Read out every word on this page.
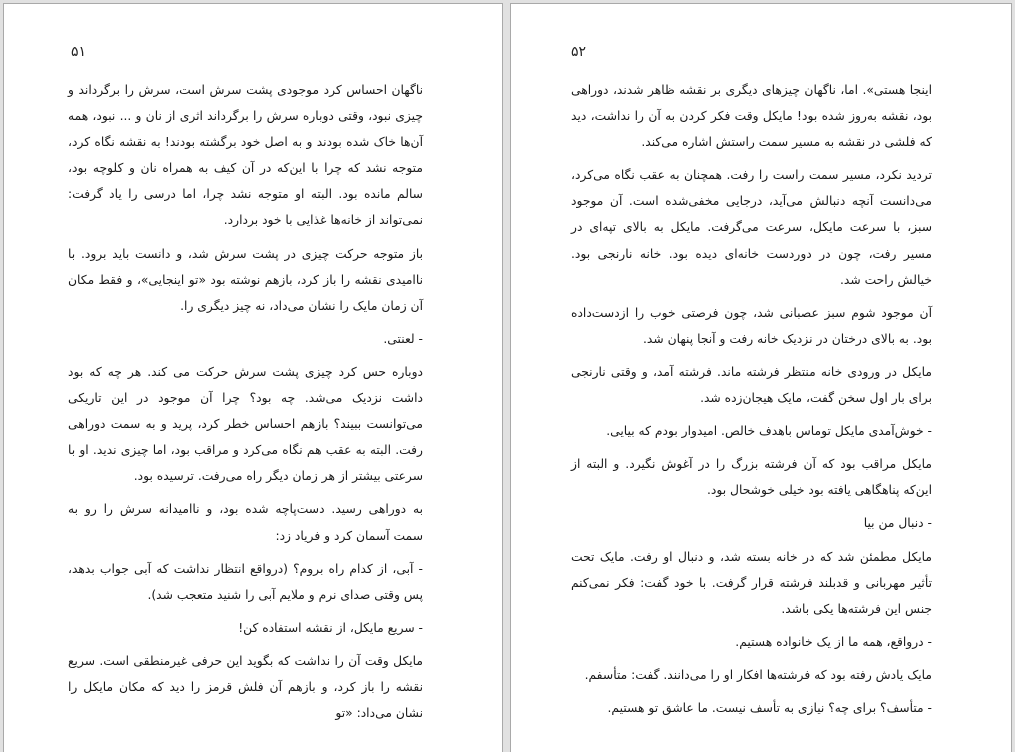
۵۱

ناگهان احساس کرد موجودی پشت سرش است، سرش را برگرداند و چیزی نبود، وقتی دوباره سرش را برگرداند اثری از نان و ... نبود، همه آن‌ها خاک شده بودند و به اصل خود برگشته بودند! به نقشه نگاه کرد، متوجه نشد که چرا با این‌که در آن کیف به همراه نان و کلوچه بود، سالم مانده بود. البته او متوجه نشد چرا، اما درسی را یاد گرفت: نمی‌تواند از خانه‌ها غذایی با خود بردارد.

باز متوجه حرکت چیزی در پشت سرش شد، و دانست باید برود. با ناامیدی نقشه را باز کرد، بازهم نوشته بود «تو اینجایی»، و فقط مکان آن زمان مایک را نشان می‌داد، نه چیز دیگری را.

- لعنتی.

دوباره حس کرد چیزی پشت سرش حرکت می کند. هر چه که بود داشت نزدیک می‌شد. چه بود؟ چرا آن موجود در این تاریکی می‌توانست ببیند؟ بازهم احساس خطر کرد، پرید و به سمت دوراهی رفت. البته به عقب هم نگاه می‌کرد و مراقب بود، اما چیزی ندید. او با سرعتی بیشتر از هر زمان دیگر راه می‌رفت. ترسیده بود.

به دوراهی رسید. دست‌پاچه شده بود، و ناامیدانه سرش را رو به سمت آسمان کرد و فریاد زد:

- آبی، از کدام راه بروم؟ (درواقع انتظار نداشت که آبی جواب بدهد، پس وقتی صدای نرم و ملایم آبی را شنید متعجب شد).

- سریع مایکل، از نقشه استفاده کن!

مایکل وقت آن را نداشت که بگوید این حرفی غیرمنطقی است. سریع نقشه را باز کرد، و بازهم آن فلش قرمز را دید که مکان مایکل را نشان می‌داد: «تو

۵۲

اینجا هستی». اما، ناگهان چیزهای دیگری بر نقشه ظاهر شدند، دوراهی بود، نقشه به‌روز شده بود! مایکل وقت فکر کردن به آن را نداشت، دید که فلشی در نقشه به مسیر سمت راستش اشاره می‌کند.

تردید نکرد، مسیر سمت راست را رفت. همچنان به عقب نگاه می‌کرد، می‌دانست آنچه دنبالش می‌آید، درجایی مخفی‌شده است. آن موجود سبز، با سرعت مایکل، سرعت می‌گرفت. مایکل به بالای تپه‌ای در مسیر رفت، چون در دوردست خانه‌ای دیده بود. خانه نارنجی بود. خیالش راحت شد.

آن موجود شوم سبز عصبانی شد، چون فرصتی خوب را ازدست‌داده بود. به بالای درختان در نزدیک خانه رفت و آنجا پنهان شد.

مایکل در ورودی خانه منتظر فرشته ماند. فرشته آمد، و وقتی نارنجی برای بار اول سخن گفت، مایک هیجان‌زده شد.

- خوش‌آمدی مایکل توماس باهدف خالص. امیدوار بودم که بیایی.

مایکل مراقب بود که آن فرشته بزرگ را در آغوش نگیرد. و البته از این‌که پناهگاهی یافته بود خیلی خوشحال بود.

- دنبال من بیا

مایکل مطمئن شد که در خانه بسته شد، و دنبال او رفت. مایک تحت تأثیر مهربانی و قدبلند فرشته قرار گرفت. با خود گفت: فکر نمی‌کنم جنس این فرشته‌ها یکی باشد.

- درواقع، همه ما از یک خانواده هستیم.

مایک یادش رفته بود که فرشته‌ها افکار او را می‌دانند. گفت: متأسفم.

- متأسف؟ برای چه؟ نیازی به تأسف نیست. ما عاشق تو هستیم.
